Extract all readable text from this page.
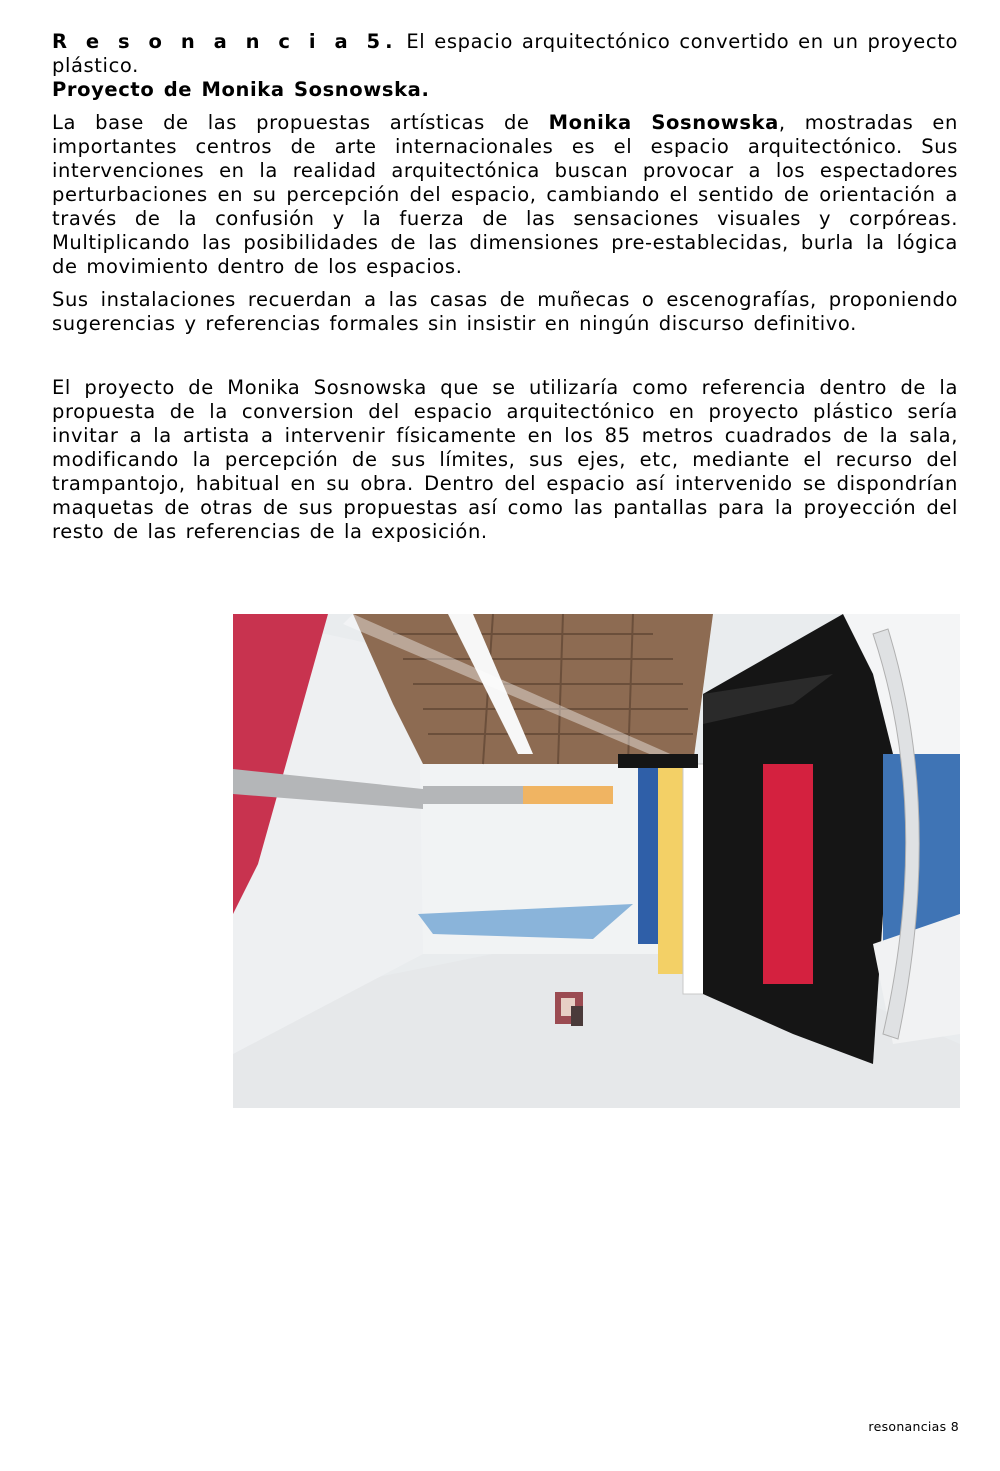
R e s o n a n c i a 5. El espacio arquitectónico convertido en un proyecto plástico.
Proyecto de Monika Sosnowska.

La base de las propuestas artísticas de Monika Sosnowska, mostradas en importantes centros de arte internacionales es el espacio arquitectónico. Sus intervenciones en la realidad arquitectónica buscan provocar a los espectadores perturbaciones en su percepción del espacio, cambiando el sentido de orientación a través de la confusión y la fuerza de las sensaciones visuales y corpóreas. Multiplicando las posibilidades de las dimensiones pre-establecidas, burla la lógica de movimiento dentro de los espacios.

Sus instalaciones recuerdan a las casas de muñecas o escenografías, proponiendo sugerencias y referencias formales sin insistir en ningún discurso definitivo.

El proyecto de Monika Sosnowska que se utilizaría como referencia dentro de la propuesta de la conversion del espacio arquitectónico en proyecto plástico sería invitar a la artista a intervenir físicamente en los 85 metros cuadrados de la sala, modificando la percepción de sus límites, sus ejes, etc, mediante el recurso del trampantojo, habitual en su obra. Dentro del espacio así intervenido se dispondrían maquetas de otras de sus propuestas así como las pantallas para la proyección del resto de las referencias de la exposición.

resonancias 8
